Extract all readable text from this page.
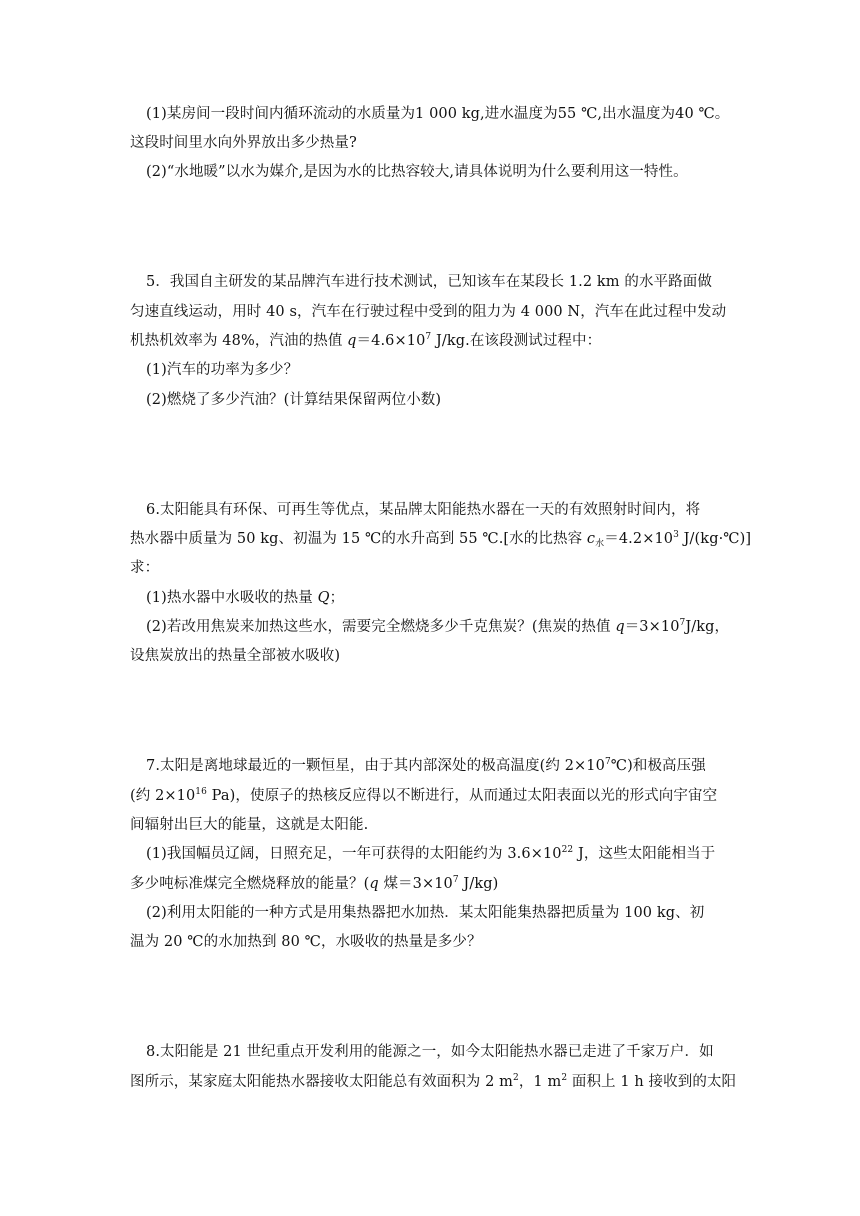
(1)某房间一段时间内循环流动的水质量为1 000 kg,进水温度为55 ℃,出水温度为40 ℃。
这段时间里水向外界放出多少热量?
(2)“水地暖”以水为媒介,是因为水的比热容较大,请具体说明为什么要利用这一特性。
5．我国自主研发的某品牌汽车进行技术测试，已知该车在某段长 1.2 km 的水平路面做
匀速直线运动，用时 40 s，汽车在行驶过程中受到的阻力为 4 000 N，汽车在此过程中发动
机热机效率为 48%，汽油的热值 $q=4.6\times 10^7$ J/kg.在该段测试过程中：
(1)汽车的功率为多少？
(2)燃烧了多少汽油？(计算结果保留两位小数)
6.太阳能具有环保、可再生等优点，某品牌太阳能热水器在一天的有效照射时间内，将
热水器中质量为 50 kg、初温为 15 ℃的水升高到 55 ℃.[水的比热容 $c_水=4.2\times 10^3$ J/(kg·℃)]
求：
(1)热水器中水吸收的热量 Q；
(2)若改用焦炭来加热这些水，需要完全燃烧多少千克焦炭？(焦炭的热值 $q=3\times 10^7J/kg$，
设焦炭放出的热量全部被水吸收)
7.太阳是离地球最近的一颗恒星，由于其内部深处的极高温度(约 $2\times 10^7℃$)和极高压强
(约 $2\times 10^{16}$ Pa)，使原子的热核反应得以不断进行，从而通过太阳表面以光的形式向宇宙空
间辐射出巨大的能量，这就是太阳能.
(1)我国幅员辽阔，日照充足，一年可获得的太阳能约为 $3.6\times 10^{22}$ J，这些太阳能相当于
多少吨标准煤完全燃烧释放的能量？(q 煤$=3\times 10^7$ J/kg)
(2)利用太阳能的一种方式是用集热器把水加热．某太阳能集热器把质量为 100 kg、初
温为 20 ℃的水加热到 80 ℃，水吸收的热量是多少？
8.太阳能是 21 世纪重点开发利用的能源之一，如今太阳能热水器已走进了千家万户．如
图所示，某家庭太阳能热水器接收太阳能总有效面积为 2 $m^2$，1 $m^2$ 面积上 1 h 接收到的太阳
